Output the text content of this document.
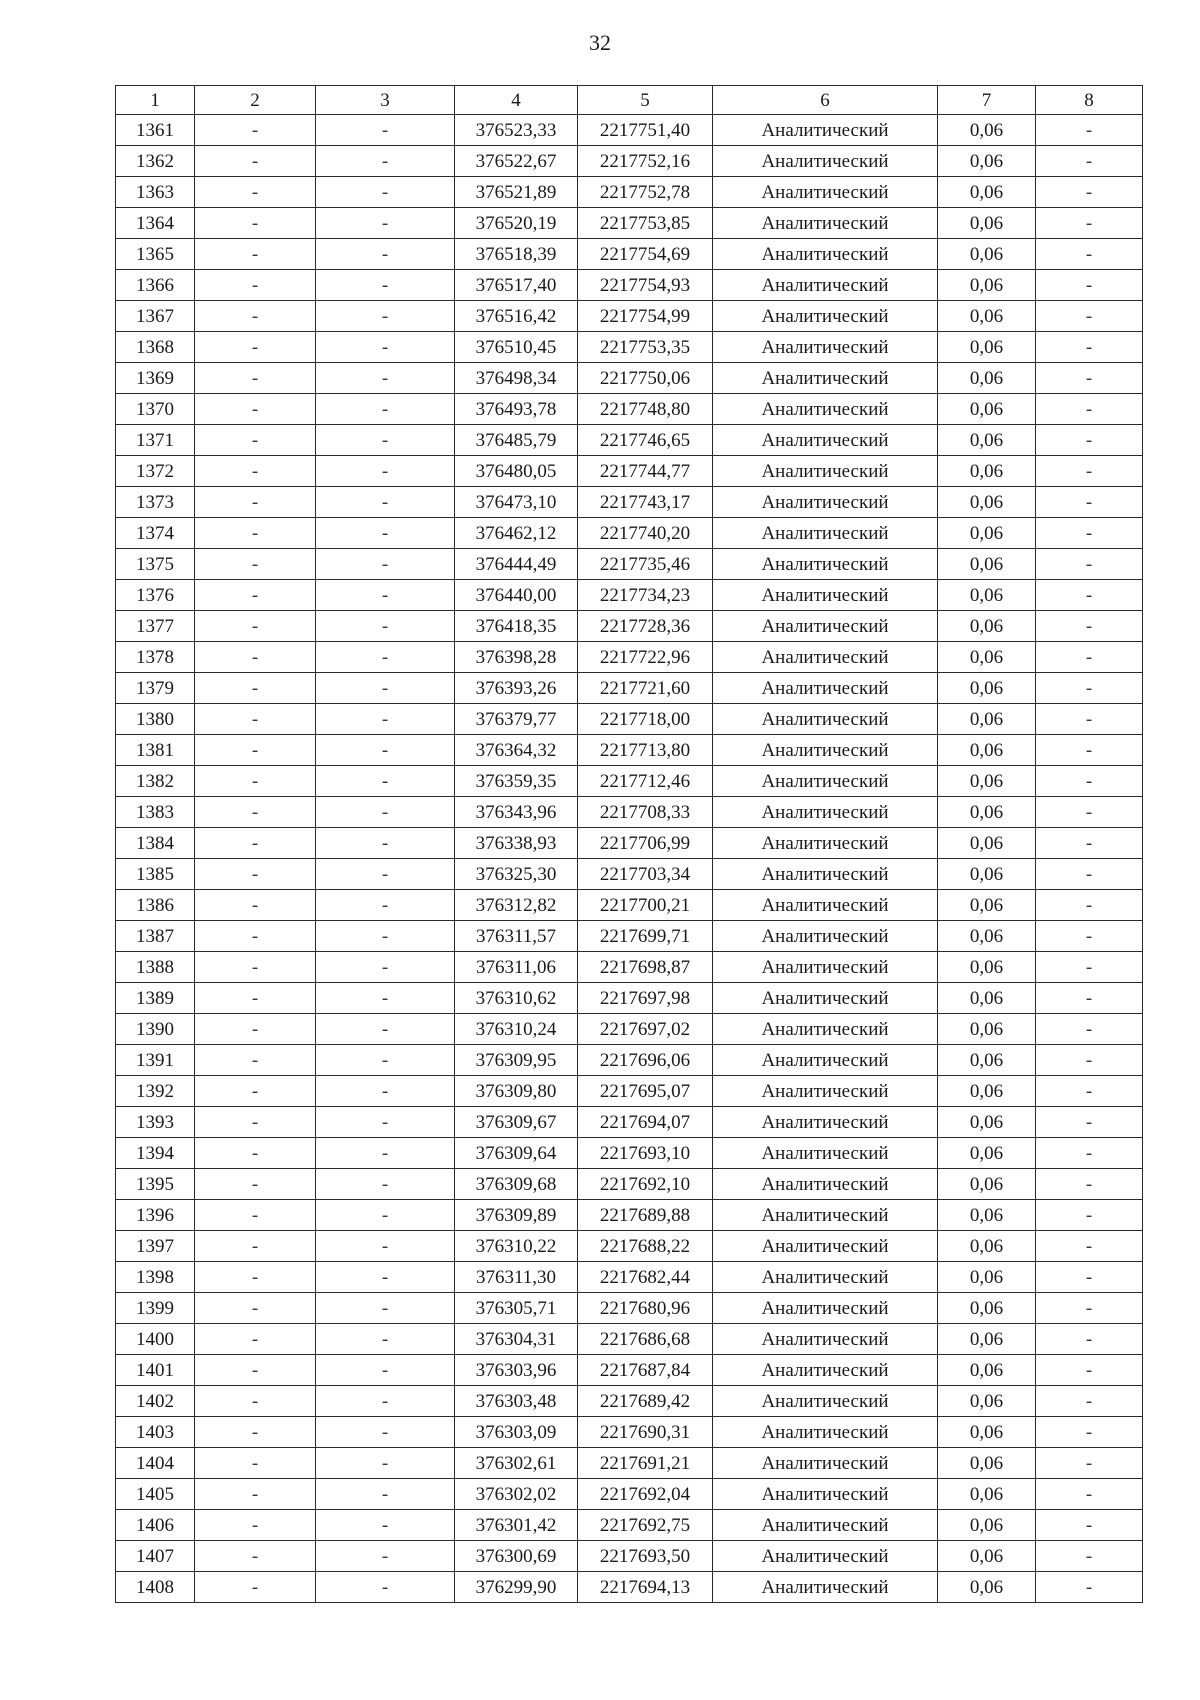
32
1	2	3	4	5	6	7	8
1361	-	-	376523,33	2217751,40	Аналитический	0,06	-
1362	-	-	376522,67	2217752,16	Аналитический	0,06	-
1363	-	-	376521,89	2217752,78	Аналитический	0,06	-
1364	-	-	376520,19	2217753,85	Аналитический	0,06	-
1365	-	-	376518,39	2217754,69	Аналитический	0,06	-
1366	-	-	376517,40	2217754,93	Аналитический	0,06	-
1367	-	-	376516,42	2217754,99	Аналитический	0,06	-
1368	-	-	376510,45	2217753,35	Аналитический	0,06	-
1369	-	-	376498,34	2217750,06	Аналитический	0,06	-
1370	-	-	376493,78	2217748,80	Аналитический	0,06	-
1371	-	-	376485,79	2217746,65	Аналитический	0,06	-
1372	-	-	376480,05	2217744,77	Аналитический	0,06	-
1373	-	-	376473,10	2217743,17	Аналитический	0,06	-
1374	-	-	376462,12	2217740,20	Аналитический	0,06	-
1375	-	-	376444,49	2217735,46	Аналитический	0,06	-
1376	-	-	376440,00	2217734,23	Аналитический	0,06	-
1377	-	-	376418,35	2217728,36	Аналитический	0,06	-
1378	-	-	376398,28	2217722,96	Аналитический	0,06	-
1379	-	-	376393,26	2217721,60	Аналитический	0,06	-
1380	-	-	376379,77	2217718,00	Аналитический	0,06	-
1381	-	-	376364,32	2217713,80	Аналитический	0,06	-
1382	-	-	376359,35	2217712,46	Аналитический	0,06	-
1383	-	-	376343,96	2217708,33	Аналитический	0,06	-
1384	-	-	376338,93	2217706,99	Аналитический	0,06	-
1385	-	-	376325,30	2217703,34	Аналитический	0,06	-
1386	-	-	376312,82	2217700,21	Аналитический	0,06	-
1387	-	-	376311,57	2217699,71	Аналитический	0,06	-
1388	-	-	376311,06	2217698,87	Аналитический	0,06	-
1389	-	-	376310,62	2217697,98	Аналитический	0,06	-
1390	-	-	376310,24	2217697,02	Аналитический	0,06	-
1391	-	-	376309,95	2217696,06	Аналитический	0,06	-
1392	-	-	376309,80	2217695,07	Аналитический	0,06	-
1393	-	-	376309,67	2217694,07	Аналитический	0,06	-
1394	-	-	376309,64	2217693,10	Аналитический	0,06	-
1395	-	-	376309,68	2217692,10	Аналитический	0,06	-
1396	-	-	376309,89	2217689,88	Аналитический	0,06	-
1397	-	-	376310,22	2217688,22	Аналитический	0,06	-
1398	-	-	376311,30	2217682,44	Аналитический	0,06	-
1399	-	-	376305,71	2217680,96	Аналитический	0,06	-
1400	-	-	376304,31	2217686,68	Аналитический	0,06	-
1401	-	-	376303,96	2217687,84	Аналитический	0,06	-
1402	-	-	376303,48	2217689,42	Аналитический	0,06	-
1403	-	-	376303,09	2217690,31	Аналитический	0,06	-
1404	-	-	376302,61	2217691,21	Аналитический	0,06	-
1405	-	-	376302,02	2217692,04	Аналитический	0,06	-
1406	-	-	376301,42	2217692,75	Аналитический	0,06	-
1407	-	-	376300,69	2217693,50	Аналитический	0,06	-
1408	-	-	376299,90	2217694,13	Аналитический	0,06	-
